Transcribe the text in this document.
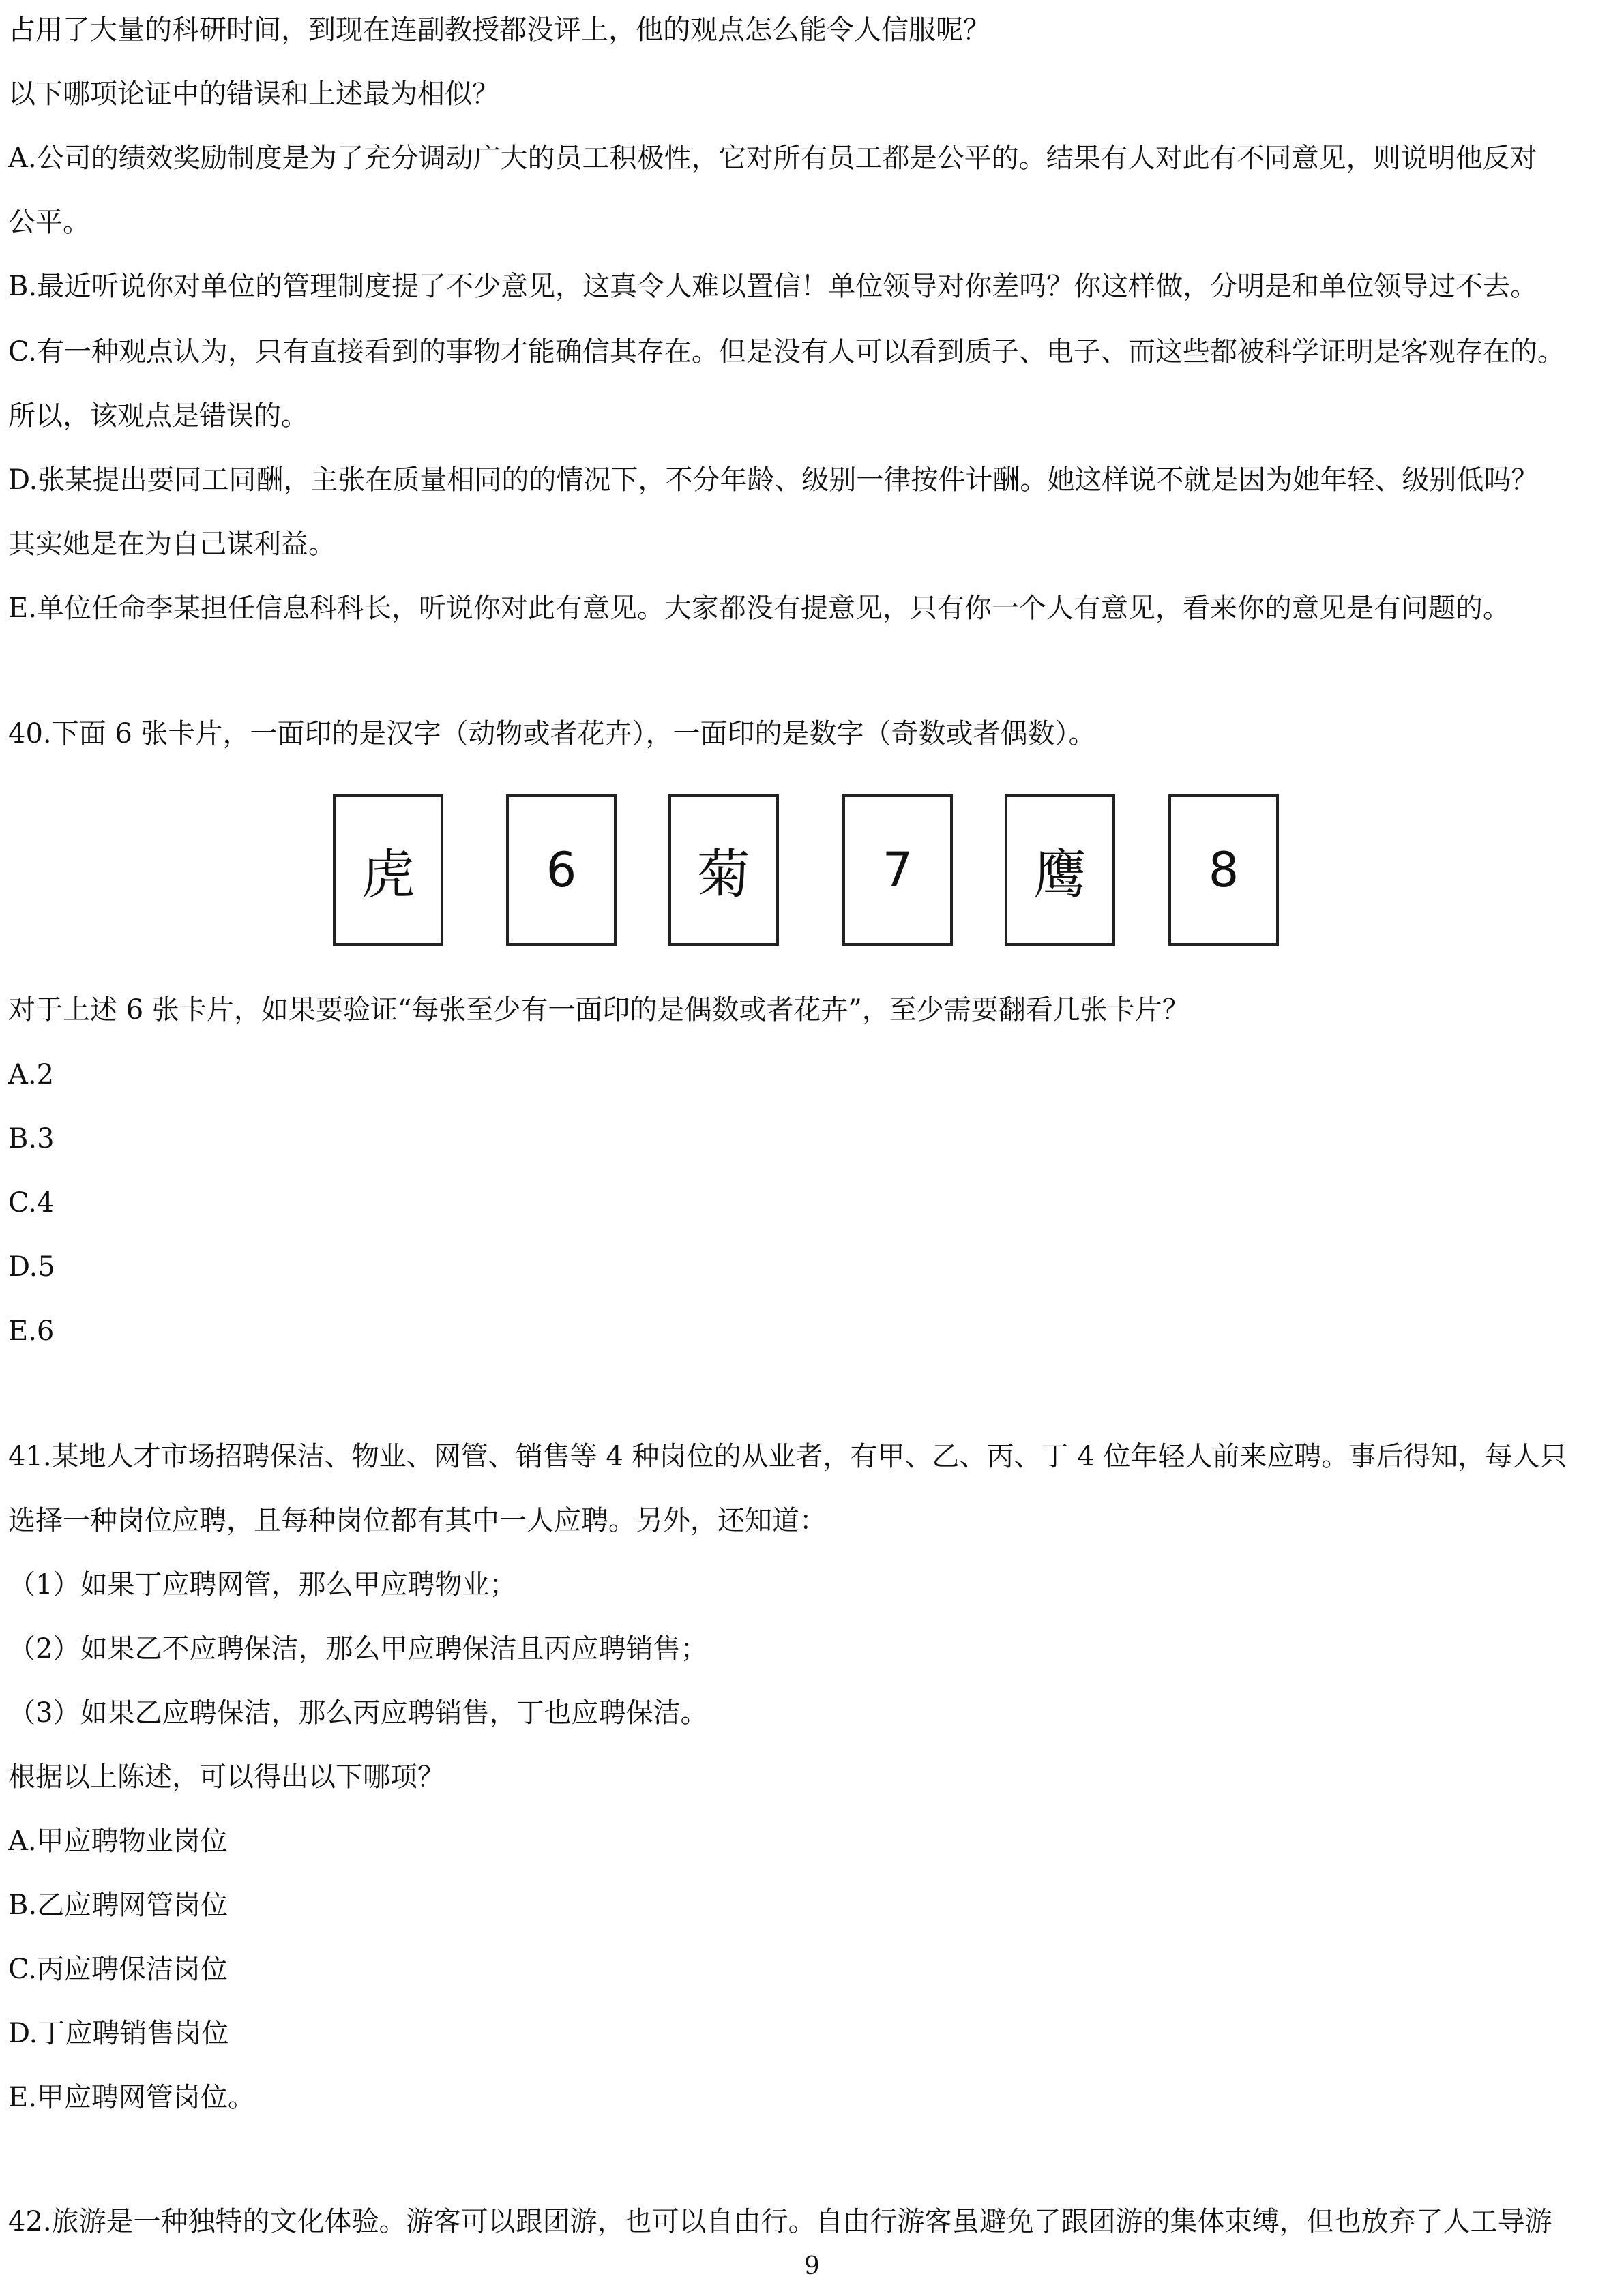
占用了大量的科研时间，到现在连副教授都没评上，他的观点怎么能令人信服呢？
以下哪项论证中的错误和上述最为相似？
A.公司的绩效奖励制度是为了充分调动广大的员工积极性，它对所有员工都是公平的。结果有人对此有不同意见，则说明他反对
公平。
B.最近听说你对单位的管理制度提了不少意见，这真令人难以置信！单位领导对你差吗？你这样做，分明是和单位领导过不去。
C.有一种观点认为，只有直接看到的事物才能确信其存在。但是没有人可以看到质子、电子、而这些都被科学证明是客观存在的。
所以，该观点是错误的。
D.张某提出要同工同酬，主张在质量相同的的情况下，不分年龄、级别一律按件计酬。她这样说不就是因为她年轻、级别低吗？
其实她是在为自己谋利益。
E.单位任命李某担任信息科科长，听说你对此有意见。大家都没有提意见，只有你一个人有意见，看来你的意见是有问题的。
40.下面 6 张卡片，一面印的是汉字（动物或者花卉），一面印的是数字（奇数或者偶数）。
虎	6	菊	7	鹰	8
对于上述 6 张卡片，如果要验证“每张至少有一面印的是偶数或者花卉”，至少需要翻看几张卡片？
A.2
B.3
C.4
D.5
E.6
41.某地人才市场招聘保洁、物业、网管、销售等 4 种岗位的从业者，有甲、乙、丙、丁 4 位年轻人前来应聘。事后得知，每人只
选择一种岗位应聘，且每种岗位都有其中一人应聘。另外，还知道：
（1）如果丁应聘网管，那么甲应聘物业；
（2）如果乙不应聘保洁，那么甲应聘保洁且丙应聘销售；
（3）如果乙应聘保洁，那么丙应聘销售，丁也应聘保洁。
根据以上陈述，可以得出以下哪项？
A.甲应聘物业岗位
B.乙应聘网管岗位
C.丙应聘保洁岗位
D.丁应聘销售岗位
E.甲应聘网管岗位。
42.旅游是一种独特的文化体验。游客可以跟团游，也可以自由行。自由行游客虽避免了跟团游的集体束缚，但也放弃了人工导游
9
